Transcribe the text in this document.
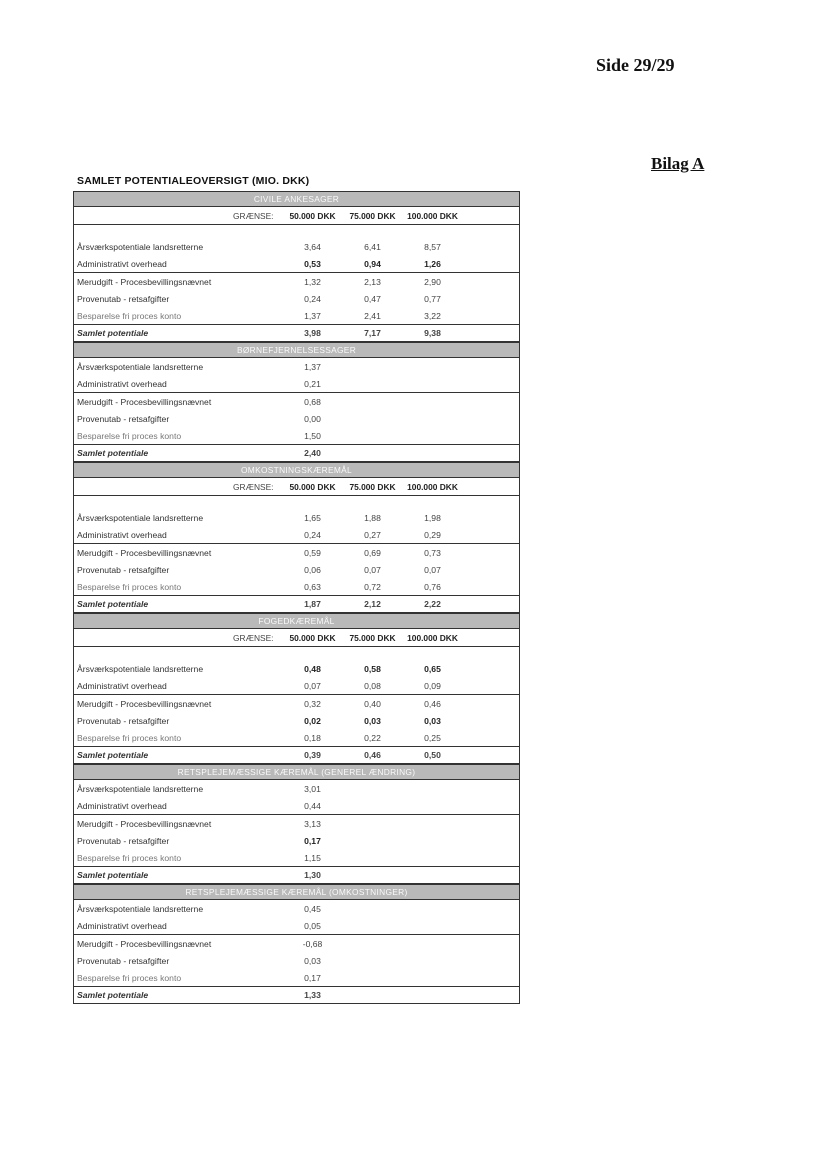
Side 29/29
Bilag A
SAMLET POTENTIALEOVERSIGT (MIO. DKK)
CIVILE ANKESAGER				
GRÆNSE:	50.000 DKK	75.000 DKK	100.000 DKK	

Årsværkspotentiale landsretterne	3,64	6,41	8,57	
Administrativt overhead	0,53	0,94	1,26	
Merudgift - Procesbevillingsnævnet	1,32	2,13	2,90	
Provenutab - retsafgifter	0,24	0,47	0,77	
Besparelse fri proces konto	1,37	2,41	3,22	
Samlet potentiale	3,98	7,17	9,38	
BØRNEFJERNELSESSAGER				
Årsværkspotentiale landsretterne	1,37			
Administrativt overhead	0,21			
Merudgift - Procesbevillingsnævnet	0,68			
Provenutab - retsafgifter	0,00			
Besparelse fri proces konto	1,50			
Samlet potentiale	2,40			
OMKOSTNINGSKÆREMÅL				
GRÆNSE:	50.000 DKK	75.000 DKK	100.000 DKK	

Årsværkspotentiale landsretterne	1,65	1,88	1,98	
Administrativt overhead	0,24	0,27	0,29	
Merudgift - Procesbevillingsnævnet	0,59	0,69	0,73	
Provenutab - retsafgifter	0,06	0,07	0,07	
Besparelse fri proces konto	0,63	0,72	0,76	
Samlet potentiale	1,87	2,12	2,22	
FOGEDKÆREMÅL				
GRÆNSE:	50.000 DKK	75.000 DKK	100.000 DKK	

Årsværkspotentiale landsretterne	0,48	0,58	0,65	
Administrativt overhead	0,07	0,08	0,09	
Merudgift - Procesbevillingsnævnet	0,32	0,40	0,46	
Provenutab - retsafgifter	0,02	0,03	0,03	
Besparelse fri proces konto	0,18	0,22	0,25	
Samlet potentiale	0,39	0,46	0,50	
RETSPLEJEMÆSSIGE KÆREMÅL (GENEREL ÆNDRING)				
Årsværkspotentiale landsretterne	3,01			
Administrativt overhead	0,44			
Merudgift - Procesbevillingsnævnet	3,13			
Provenutab - retsafgifter	0,17			
Besparelse fri proces konto	1,15			
Samlet potentiale	1,30			
RETSPLEJEMÆSSIGE KÆREMÅL (OMKOSTNINGER)				
Årsværkspotentiale landsretterne	0,45			
Administrativt overhead	0,05			
Merudgift - Procesbevillingsnævnet	-0,68			
Provenutab - retsafgifter	0,03			
Besparelse fri proces konto	0,17			
Samlet potentiale	1,33			
